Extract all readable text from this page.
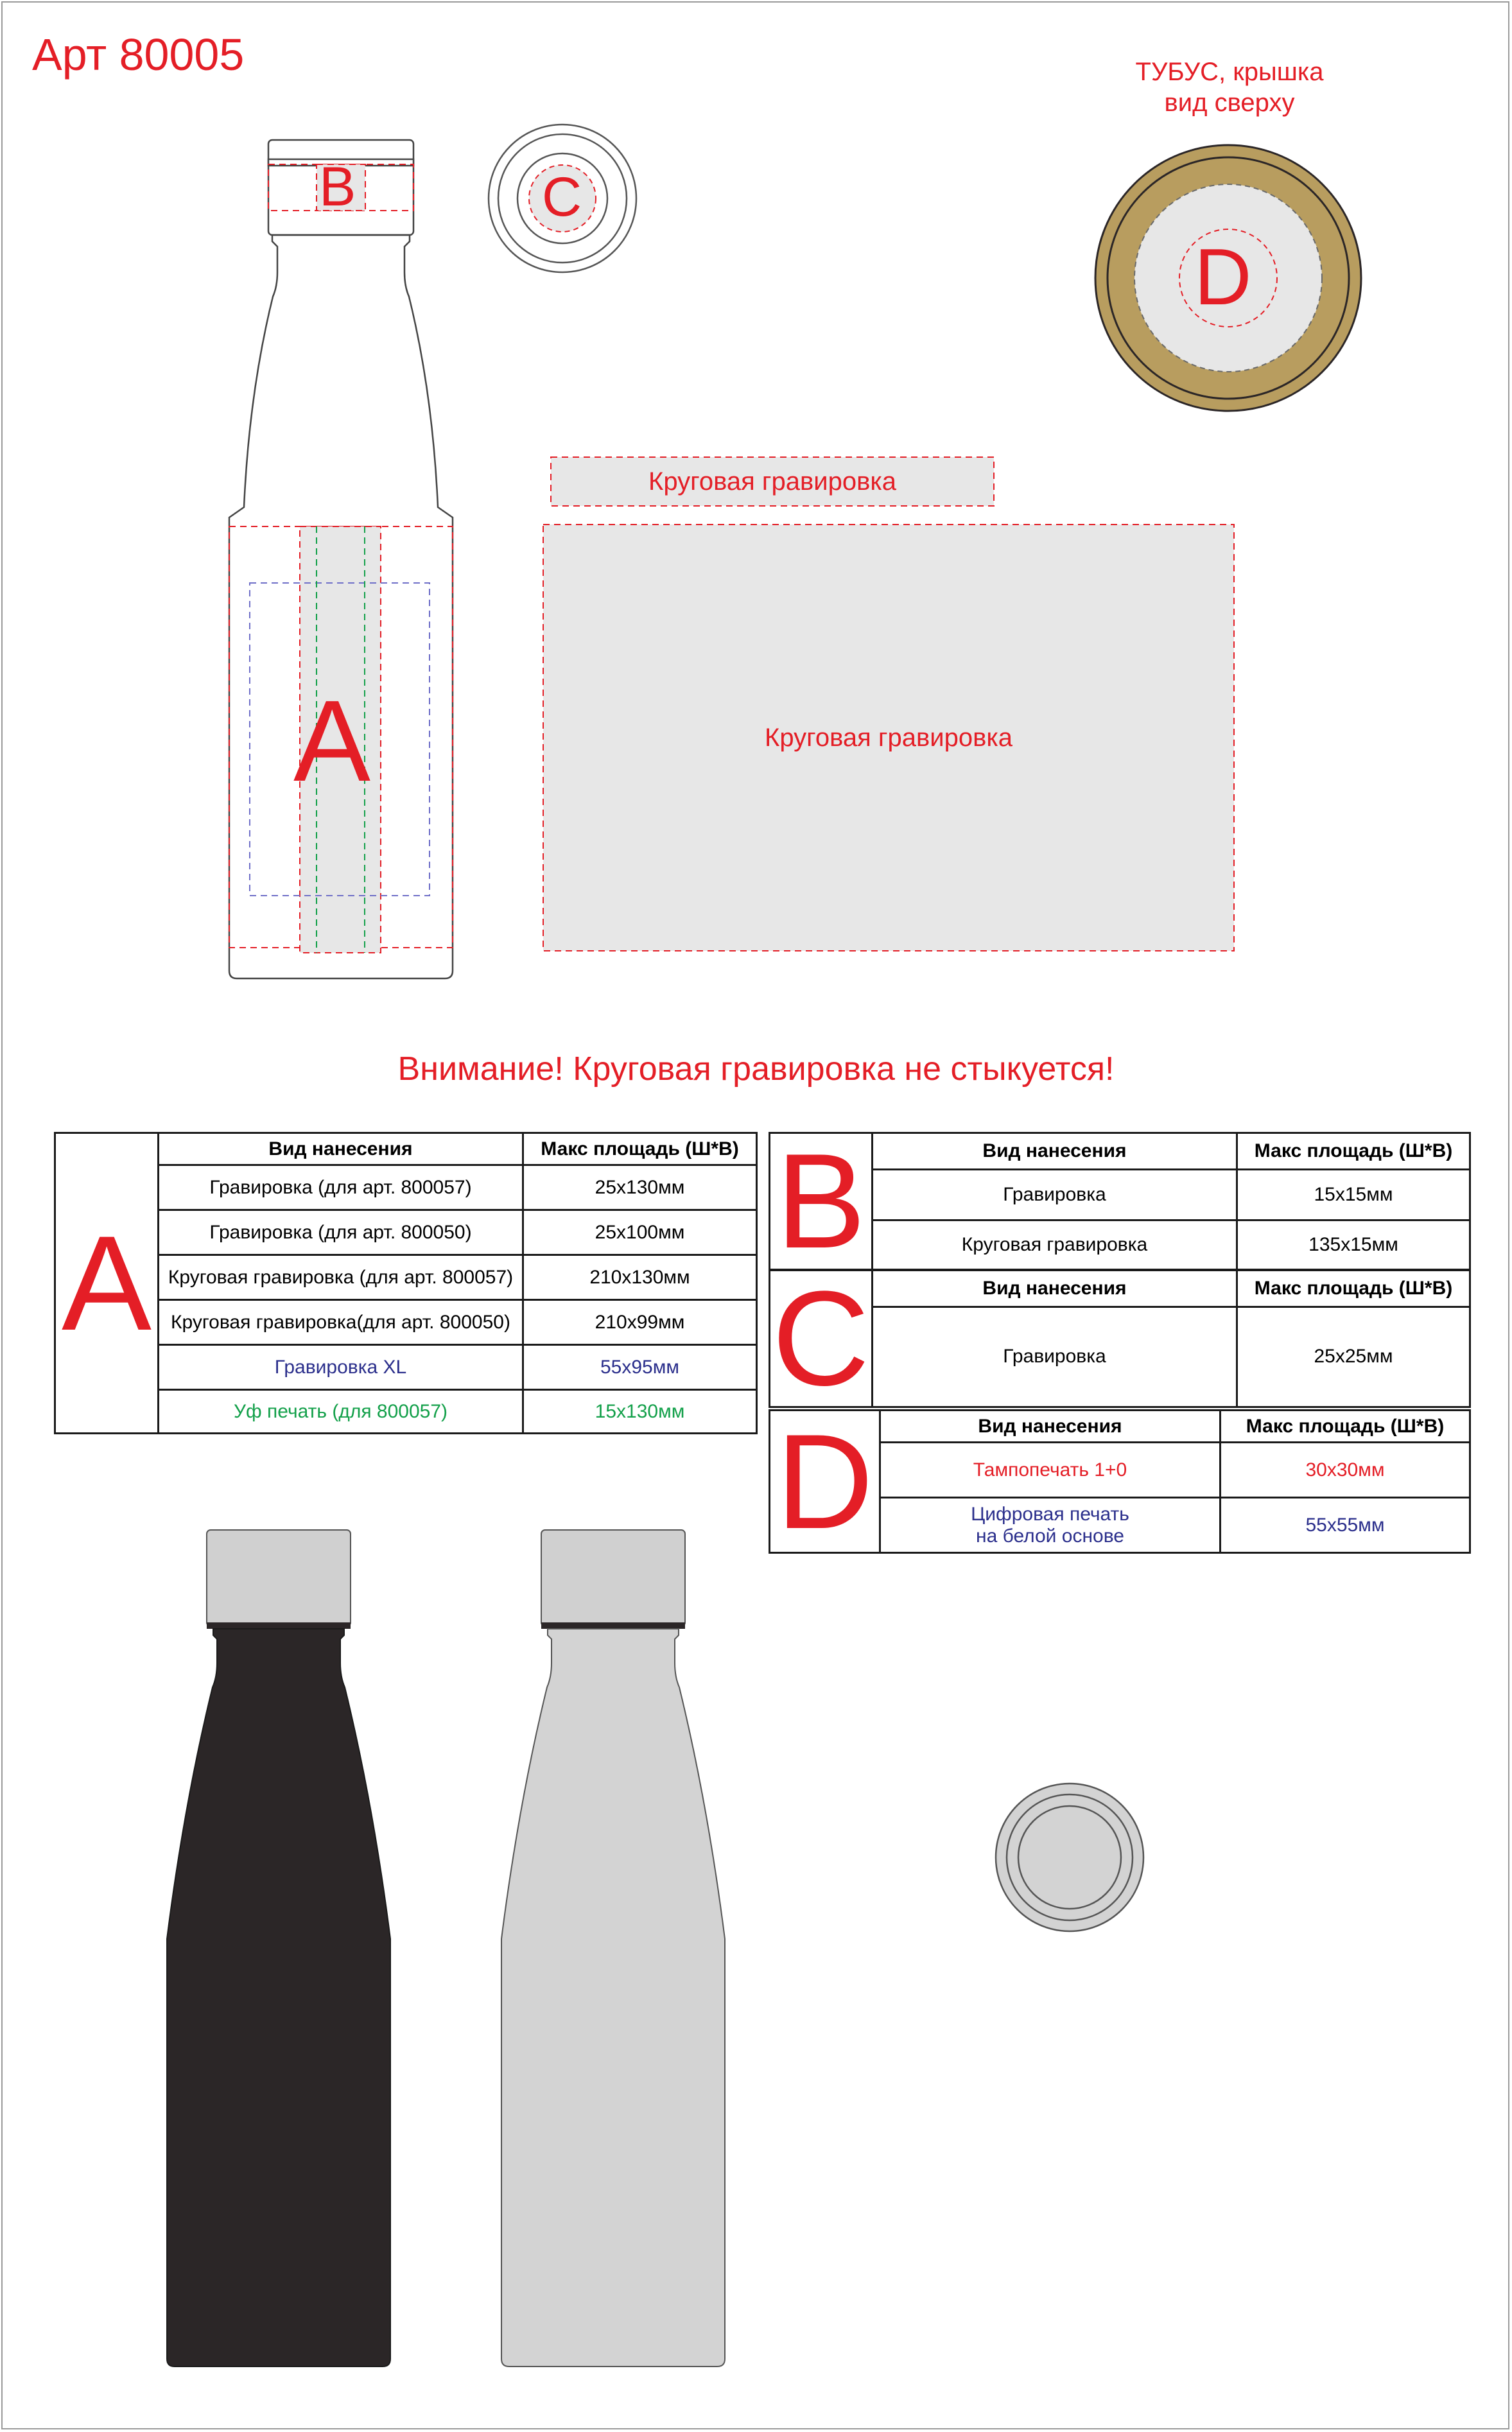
Арт 80005	ТУБУС, крышка
вид сверху
B	C
D
A
Круговая гравировка
Круговая гравировка
Внимание! Круговая гравировка не стыкуется!
A	Вид нанесения	Макс площадь (Ш*В)
	Гравировка (для арт. 800057)	25x130мм
	Гравировка (для арт. 800050)	25x100мм
	Круговая гравировка (для арт. 800057)	210x130мм
	Круговая гравировка(для арт. 800050)	210x99мм
	Гравировка XL	55x95мм
	Уф печать (для 800057)	15x130мм
B	Вид нанесения	Макс площадь (Ш*В)
	Гравировка	15x15мм
	Круговая гравировка	135x15мм
C	Вид нанесения	Макс площадь (Ш*В)
	Гравировка	25x25мм
D	Вид нанесения	Макс площадь (Ш*В)
	Тампопечать 1+0	30x30мм

	Цифровая печать
на белой основе	55x55мм
